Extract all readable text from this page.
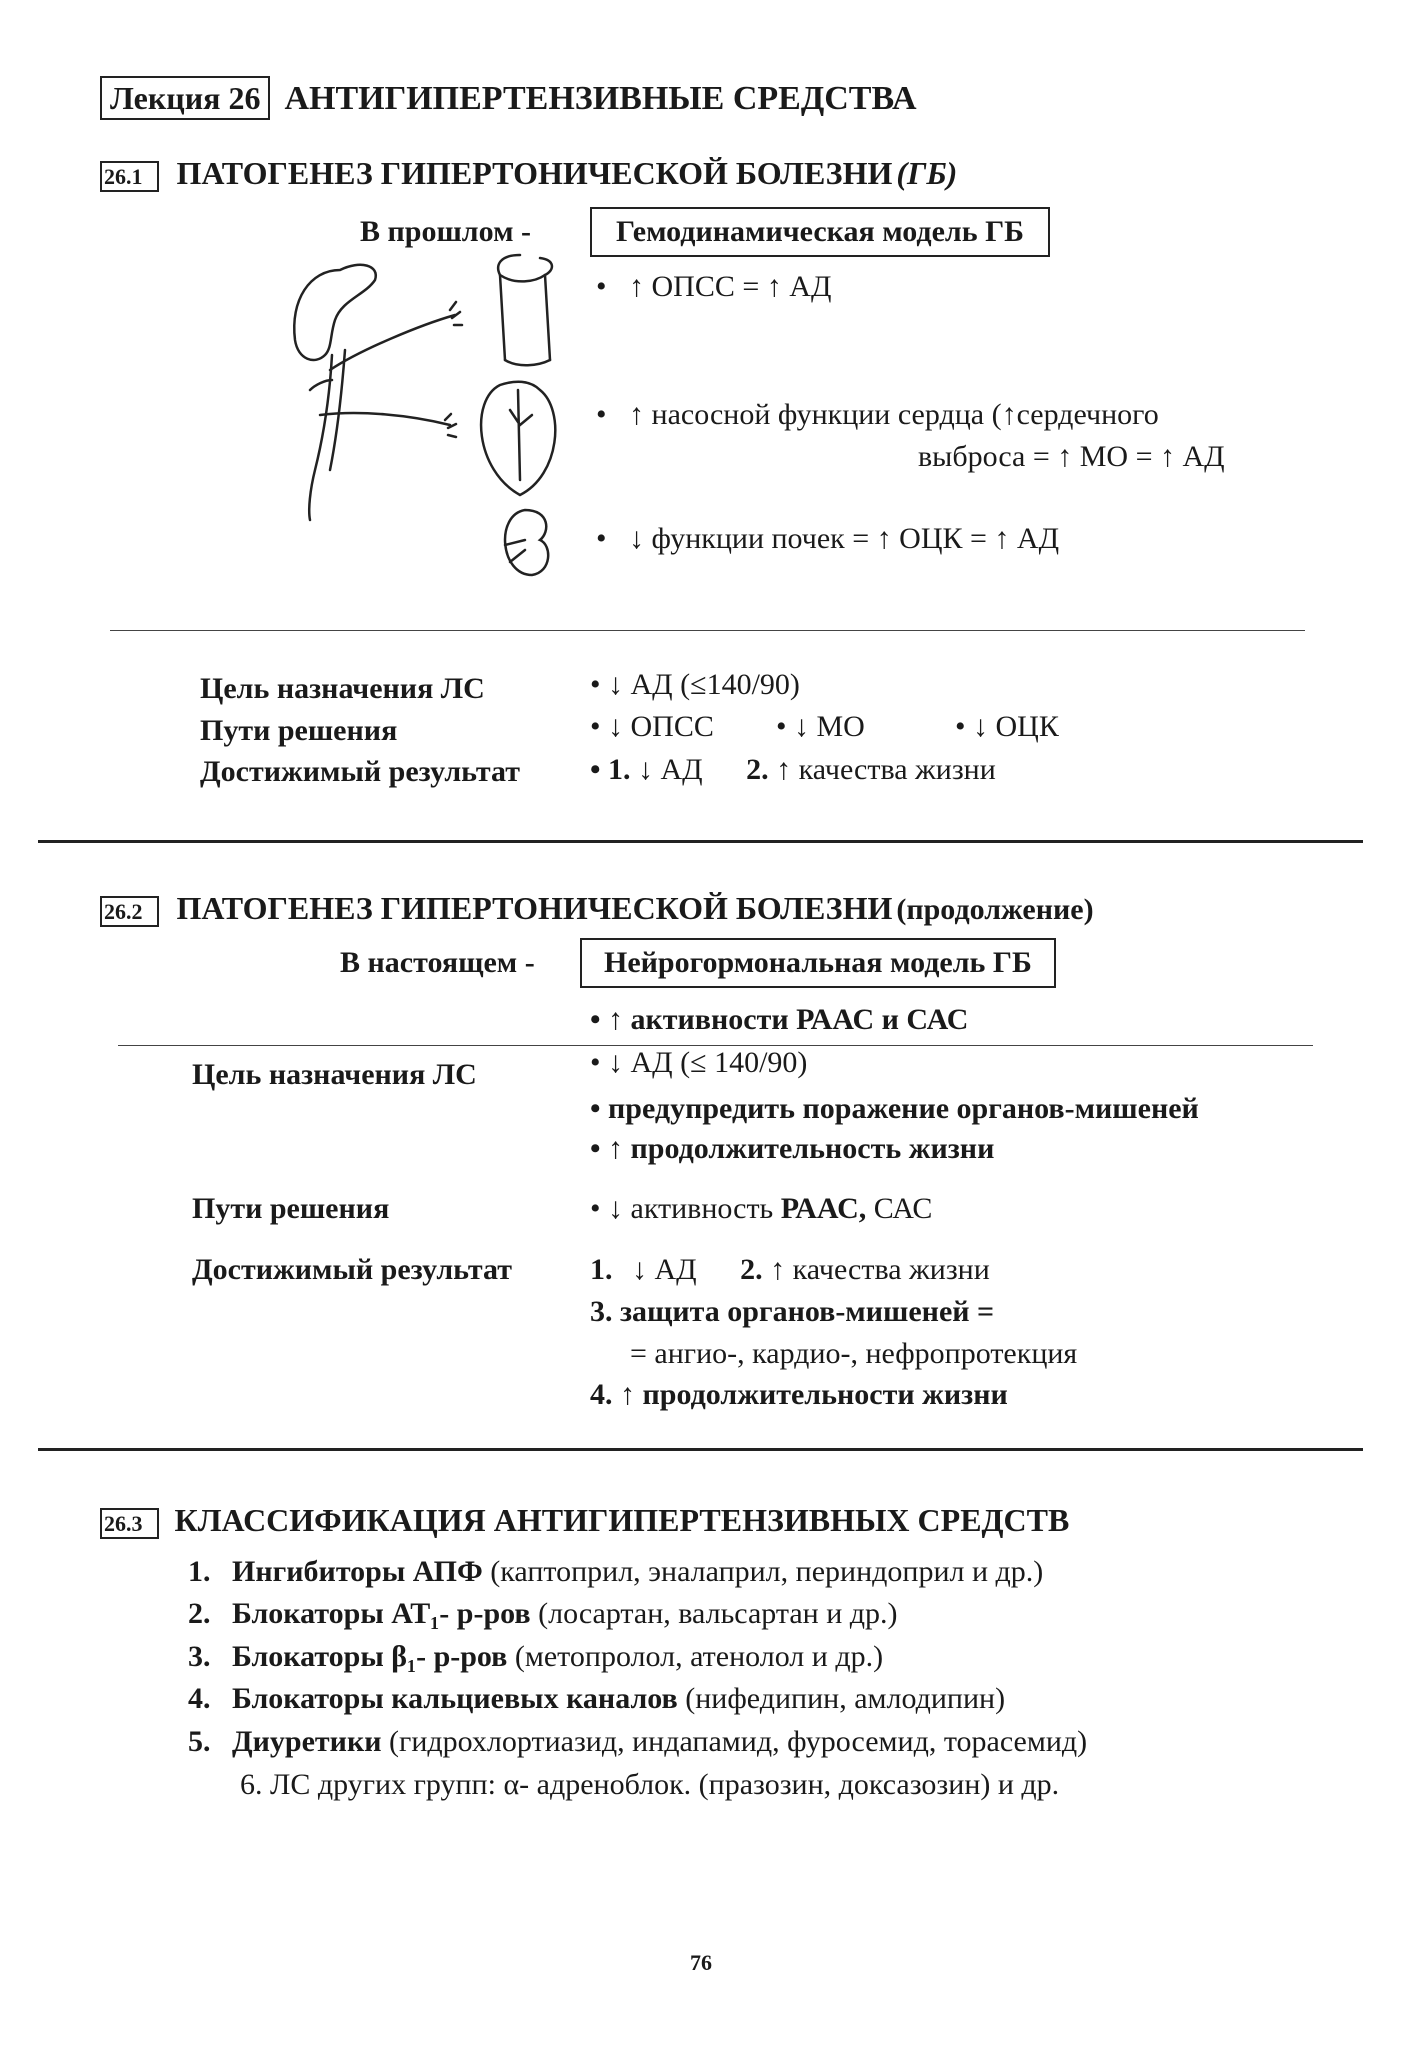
Лекция 26 АНТИГИПЕРТЕНЗИВНЫЕ СРЕДСТВА
26.1 ПАТОГЕНЕЗ ГИПЕРТОНИЧЕСКОЙ БОЛЕЗНИ (ГБ)
В прошлом -	Гемодинамическая модель ГБ
•   ↑ ОПСС = ↑ АД
•   ↑ насосной функции сердца (↑сердечного
выброса = ↑ МО = ↑ АД
•   ↓ функции почек = ↑ ОЦК = ↑ АД
Цель назначения ЛС	• ↓ АД (≤140/90)
Пути решения	• ↓ ОПСС • ↓ МО	• ↓ ОЦК
Достижимый результат • 1. ↓ АД 2. ↑ качества жизни
26.2 ПАТОГЕНЕЗ ГИПЕРТОНИЧЕСКОЙ БОЛЕЗНИ (продолжение)
В настоящем -	Нейрогормональная модель ГБ
• ↑ активности РААС и САС
Цель назначения ЛС	• ↓ АД (≤ 140/90)
• предупредить поражение органов-мишеней
• ↑ продолжительность жизни
Пути решения	• ↓ активность РААС, САС
Достижимый результат	1. ↓ АД 2. ↑ качества жизни
3. защита органов-мишеней =
= ангио-, кардио-, нефропротекция
4. ↑ продолжительности жизни
26.3 КЛАССИФИКАЦИЯ АНТИГИПЕРТЕНЗИВНЫХ СРЕДСТВ
1. Ингибиторы АПФ (каптоприл, эналаприл, периндоприл и др.)
2. Блокаторы АТ₁- р-ров (лосартан, вальсартан и др.)
3. Блокаторы β₁- р-ров (метопролол, атенолол и др.)
4. Блокаторы кальциевых каналов (нифедипин, амлодипин)
5. Диуретики (гидрохлортиазид, индапамид, фуросемид, торасемид)
6. ЛС других групп: α- адреноблок. (празозин, доксазозин) и др.
76
